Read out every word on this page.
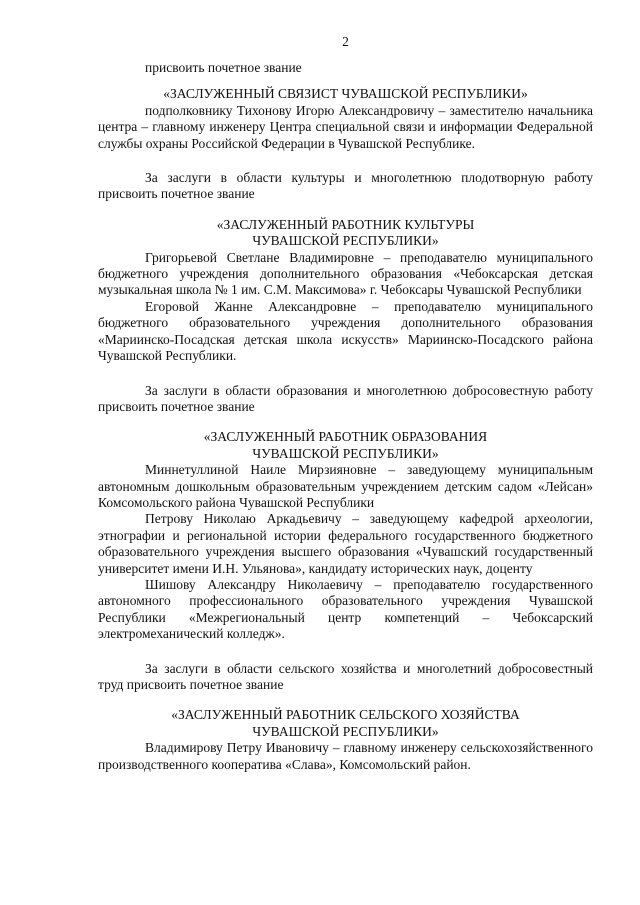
2

присвоить почетное звание

«ЗАСЛУЖЕННЫЙ СВЯЗИСТ ЧУВАШСКОЙ РЕСПУБЛИКИ»

подполковнику Тихонову Игорю Александровичу – заместителю начальника центра – главному инженеру Центра специальной связи и информации Федеральной службы охраны Российской Федерации в Чувашской Республике.

За заслуги в области культуры и многолетнюю плодотворную работу присвоить почетное звание

«ЗАСЛУЖЕННЫЙ РАБОТНИК КУЛЬТУРЫ
ЧУВАШСКОЙ РЕСПУБЛИКИ»

Григорьевой Светлане Владимировне – преподавателю муниципального бюджетного учреждения дополнительного образования «Чебоксарская детская музыкальная школа № 1 им. С.М. Максимова» г. Чебоксары Чувашской Республики

Егоровой Жанне Александровне – преподавателю муниципального бюджетного образовательного учреждения дополнительного образования «Мариинско-Посадская детская школа искусств» Мариинско-Посадского района Чувашской Республики.

За заслуги в области образования и многолетнюю добросовестную работу присвоить почетное звание

«ЗАСЛУЖЕННЫЙ РАБОТНИК ОБРАЗОВАНИЯ
ЧУВАШСКОЙ РЕСПУБЛИКИ»

Миннетуллиной Наиле Мирзияновне – заведующему муниципальным автономным дошкольным образовательным учреждением детским садом «Лейсан» Комсомольского района Чувашской Республики

Петрову Николаю Аркадьевичу – заведующему кафедрой археологии, этнографии и региональной истории федерального государственного бюджетного образовательного учреждения высшего образования «Чувашский государственный университет имени И.Н. Ульянова», кандидату исторических наук, доценту

Шишову Александру Николаевичу – преподавателю государственного автономного профессионального образовательного учреждения Чувашской Республики «Межрегиональный центр компетенций – Чебоксарский электромеханический колледж».

За заслуги в области сельского хозяйства и многолетний добросовестный труд присвоить почетное звание

«ЗАСЛУЖЕННЫЙ РАБОТНИК СЕЛЬСКОГО ХОЗЯЙСТВА
ЧУВАШСКОЙ РЕСПУБЛИКИ»

Владимирову Петру Ивановичу – главному инженеру сельскохозяйственного производственного кооператива «Слава», Комсомольский район.
